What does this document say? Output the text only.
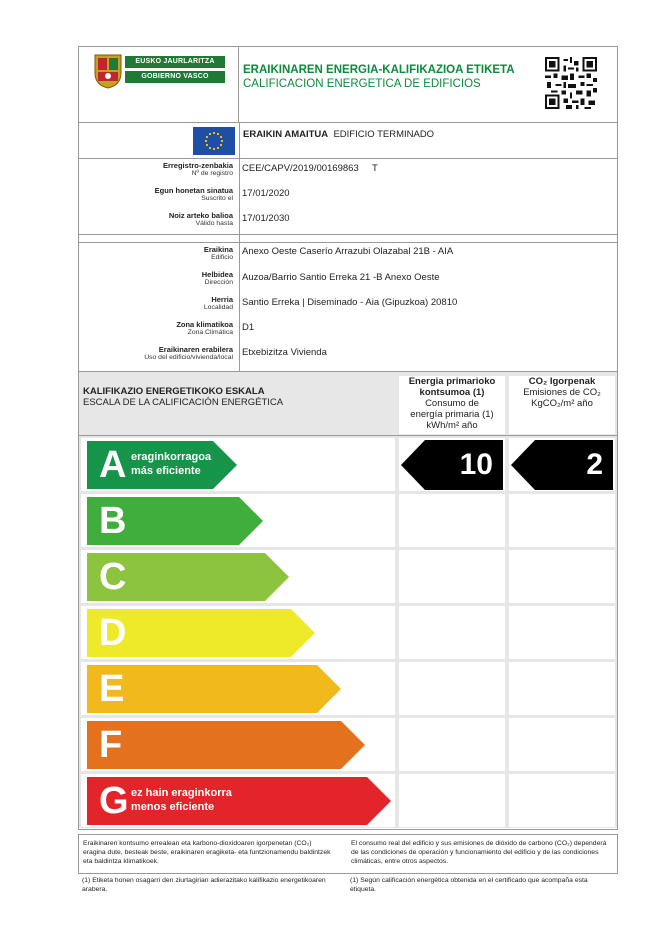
EUSKO JAURLARITZA
GOBIERNO VASCO
ERAIKINAREN ENERGIA-KALIFIKAZIOA ETIKETA
CALIFICACION ENERGETICA DE EDIFICIOS
ERAIKIN AMAITUA EDIFICIO TERMINADO
Erregistro-zenbakia
Nº de registro CEE/CAPV/2019/00169863 T
Egun honetan sinatua
Suscrito el 17/01/2020
Noiz arteko balioa
Válido hasta 17/01/2030
Eraikina
Edificio
Anexo Oeste Caserío Arrazubi Olazabal 21B - AIA
Helbidea
Dirección Auzoa/Barrio Santio Erreka 21 -B Anexo Oeste
Herria
Localidad Santio Erreka | Diseminado - Aia (Gipuzkoa) 20810
Zona klimatikoa
Zona Climática D1
Eraikinaren erabilera
Uso del edificio/vivienda/local Etxebizitza Vivienda
KALIFIKAZIO ENERGETIKOKO ESKALA
ESCALA DE LA CALIFICACIÓN ENERGÉTICA
Energia primarioko
kontsumoa (1)
Consumo de
energía primaria (1)
kWh/m² año
CO₂ Igorpenak
Emisiones de CO₂
KgCO₂/m² año
A eraginkorragoa
más eficiente	10	2
B
C
D
E
F
G ez hain eraginkorra
menos eficiente
Eraikinaren kontsumo errealean eta karbono-dioxidoaren igorpenetan (CO₂) eragina dute, besteak beste, eraikinaren eragiketa- eta funtzionamendu baldintzek eta baldintza klimatikoek.
El consumo real del edificio y sus emisiones de dióxido de carbono (CO₂) dependerá de las condiciones de operación y funcionamiento del edificio y de las condiciones climáticas, entre otros aspectos.
(1) Etiketa honen osagarri den ziurtagirian adierazitako kalifikazio energetikoaren arabera.
(1) Según calificación energética obtenida en el certificado que acompaña esta etiqueta.
